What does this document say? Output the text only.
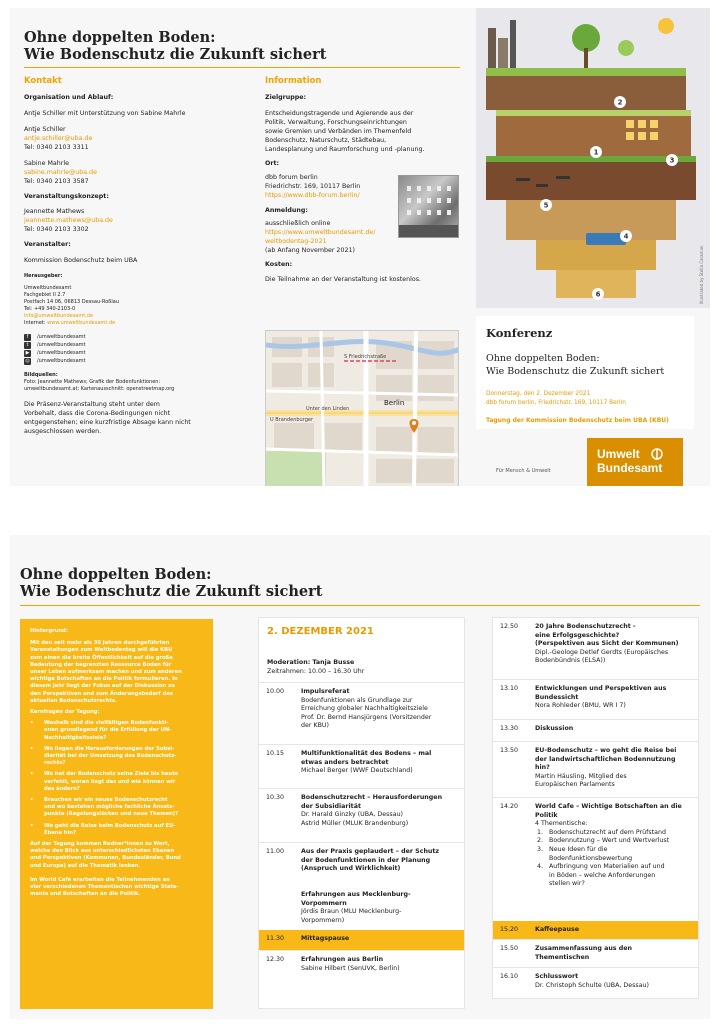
Ohne doppelten Boden:
Wie Bodenschutz die Zukunft sichert
Kontakt
Organisation und Ablauf:
Antje Schiller mit Unterstützung von Sabine Mahrle
Antje Schiller
antje.schiller@uba.de
Tel: 0340 2103 3311
Sabine Mahrle
sabine.mahrle@uba.de
Tel: 0340 2103 3587
Veranstaltungskonzept:
Jeannette Mathews
jeannette.mathews@uba.de
Tel: 0340 2103 3302
Veranstalter:
Kommission Bodenschutz beim UBA
Herausgeber:
Umweltbundesamt
Fachgebiet II 2.7
Postfach 14 06, 06813 Dessau-Roßlau
Tel: +49 340-2103-0
info@umweltbundesamt.de
Internet: www.umweltbundesamt.de
f	/umweltbundesamt
t	/umweltbundesamt
▶	/umweltbundesamt
◎ /umweltbundesamt
Bildquellen:
Foto: Jeannette Mathews; Grafik der Bodenfunktionen:
umweltbundesamt.at; Kartenausschnitt: openstreetmap.org
Die Präsenz-Veranstaltung steht unter dem
Vorbehalt, dass die Corona-Bedingungen nicht
entgegenstehen; eine kurzfristige Absage kann nicht
ausgeschlossen werden.
Information
Zielgruppe:
Entscheidungstragende und Agierende aus der
Politik, Verwaltung, Forschungseinrichtungen
sowie Gremien und Verbänden im Themenfeld
Bodenschutz, Naturschutz, Städtebau,
Landesplanung und Raumforschung und -planung.
Ort:
dbb forum berlin
Friedrichstr. 169, 10117 Berlin
https://www.dbb-forum.berlin/
Anmeldung:
ausschließlich online
https://www.umweltbundesamt.de/
weltbodentag-2021
(ab Anfang November 2021)
Kosten:
Die Teilnahme an der Veranstaltung ist kostenlos.
S Friedrichstraße
Unter den Linden
Berlin
U Brandenburger
1
2
3
4
5
6	Illustrated by Stella Caraman
Konferenz
Ohne doppelten Boden:
Wie Bodenschutz die Zukunft sichert
Donnerstag, den 2. Dezember 2021
dbb forum berlin, Friedrichstr. 169, 10117 Berlin
Tagung der Kommission Bodenschutz beim UBA (KBU)
Für Mensch & Umwelt
Umwelt
Bundesamt
Ohne doppelten Boden:
Wie Bodenschutz die Zukunft sichert

Hintergrund:

Mit den seit mehr als 30 Jahren durchgeführten

Veranstaltungen zum Weltbodentag will die KBU

zum einen die breite Öffentlichkeit auf die große

Bedeutung der begrenzten Ressource Boden für

unser Leben aufmerksam machen und zum anderen

wichtige Botschaften an die Politik formulieren. In

diesem Jahr liegt der Fokus auf der Diskussion zu

den Perspektiven und zum Änderungsbedarf des

aktuellen Bodenschutzrechts.

Kernfragen der Tagung:

•	Weshalb sind die vielfältigen Bodenfunkti-

onen grundlegend für die Erfüllung der UN-

Nachhaltigkeitsziele?

•	Wo liegen die Herausforderungen der Subsi-

diarität bei der Umsetzung des Bodenschutz-

rechts?

•	Wo hat der Bodenschutz seine Ziele bis heute

verfehlt, woran liegt das und wie können wir

das ändern?

•	Brauchen wir ein neues Bodenschutzrecht

und wo bestehen mögliche fachliche Ansatz-

punkte (Regelungslücken und neue Themen)?

•	Wo geht die Reise beim Bodenschutz auf EU-

Ebene hin?

Auf der Tagung kommen Redner*innen zu Wort,

welche den Blick aus unterschiedlichsten Ebenen

und Perspektiven (Kommunen, Bundesländer, Bund

und Europa) auf die Thematik lenken.

Im World Café erarbeiten die Teilnehmenden an

vier verschiedenen Thementischen wichtige State-

ments und Botschaften an die Politik.

2. DEZEMBER 2021
Moderation: Tanja Busse
Zeitrahmen: 10.00 – 16.30 Uhr
10.00	Impulsreferat
Bodenfunktionen als Grundlage zur
Erreichung globaler Nachhaltigkeitsziele
Prof. Dr. Bernd Hansjürgens (Vorsitzender
der KBU)
10.15	Multifunktionalität des Bodens – mal
etwas anders betrachtet
Michael Berger (WWF Deutschland)
10.30	Bodenschutzrecht – Herausforderungen
der Subsidiarität
Dr. Harald Ginzky (UBA, Dessau)
Astrid Müller (MLUK Brandenburg)
11.00	Aus der Praxis geplaudert – der Schutz
der Bodenfunktionen in der Planung
(Anspruch und Wirklichkeit)
Erfahrungen aus Mecklenburg-
Vorpommern
Jördis Braun (MLU Mecklenburg-
Vorpommern)
11.30	Mittagspause
12.30	Erfahrungen aus Berlin
Sabine Hilbert (SenUVK, Berlin)
12.50	20 Jahre Bodenschutzrecht -
eine Erfolgsgeschichte?
(Perspektiven aus Sicht der Kommunen)
Dipl.-Geologe Detlef Gerdts (Europäisches
Bodenbündnis (ELSA))
13.10	Entwicklungen und Perspektiven aus
Bundessicht
Nora Rohleder (BMU, WR I 7)
13.30	Diskussion
13.50	EU-Bodenschutz – wo geht die Reise bei
der landwirtschaftlichen Bodennutzung
hin?
Martin Häusling, Mitglied des
Europäischen Parlaments
14.20	World Cafe – Wichtige Botschaften an die
Politik
4 Thementische:
1. Bodenschutzrecht auf dem Prüfstand
2. Bodennutzung – Wert und Wertverlust
3. Neue Ideen für die
Bodenfunktionsbewertung
4. Aufbringung von Materialien auf und
in Böden – welche Anforderungen
stellen wir?
15.20	Kaffeepause
15.50	Zusammenfassung aus den
Thementischen
16.10	Schlusswort
Dr. Christoph Schulte (UBA, Dessau)
